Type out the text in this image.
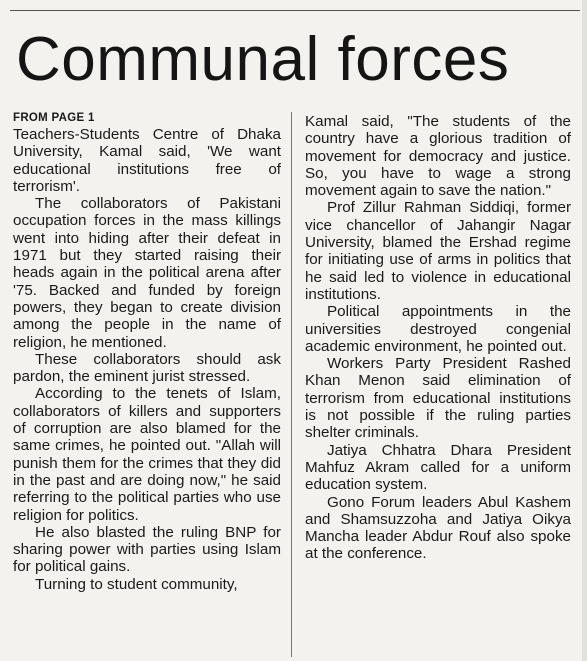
Communal forces
FROM PAGE 1

Teachers-Students Centre of Dhaka University, Kamal said, 'We want educational institutions free of terrorism'.

The collaborators of Pakistani occupation forces in the mass killings went into hiding after their defeat in 1971 but they started raising their heads again in the political arena after '75. Backed and funded by foreign powers, they began to create division among the people in the name of religion, he mentioned.

These collaborators should ask pardon, the eminent jurist stressed.

According to the tenets of Islam, collaborators of killers and supporters of corruption are also blamed for the same crimes, he pointed out. "Allah will punish them for the crimes that they did in the past and are doing now," he said referring to the political parties who use religion for politics.

He also blasted the ruling BNP for sharing power with parties using Islam for political gains.

Turning to student community,

Kamal said, "The students of the country have a glorious tradition of movement for democracy and justice. So, you have to wage a strong movement again to save the nation."

Prof Zillur Rahman Siddiqi, former vice chancellor of Jahangir Nagar University, blamed the Ershad regime for initiating use of arms in politics that he said led to violence in educational institutions.

Political appointments in the universities destroyed congenial academic environment, he pointed out.

Workers Party President Rashed Khan Menon said elimination of terrorism from educational institutions is not possible if the ruling parties shelter criminals.

Jatiya Chhatra Dhara President Mahfuz Akram called for a uniform education system.

Gono Forum leaders Abul Kashem and Shamsuzzoha and Jatiya Oikya Mancha leader Abdur Rouf also spoke at the conference.
